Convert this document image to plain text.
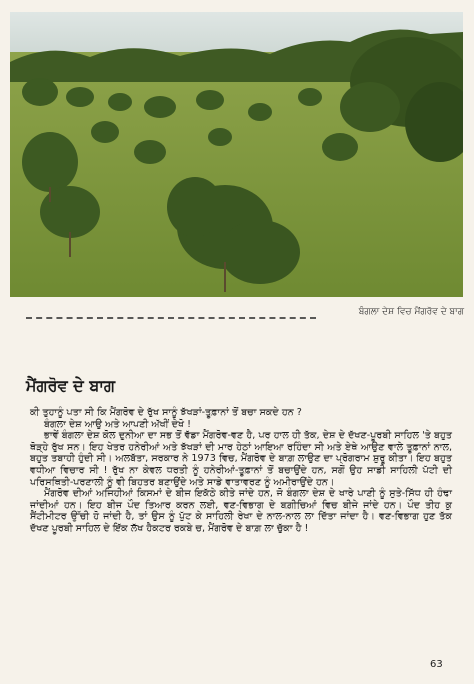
ਬੰਗਲਾ ਦੇਸ਼ ਵਿਚ ਮੈਂਗਰੋਵ ਦੇ ਬਾਗ
ਮੈਂਗਰੋਵ ਦੇ ਬਾਗ

ਕੀ ਤੁਹਾਨੂੰ ਪਤਾ ਸੀ ਕਿ ਮੈਂਗਰੋਵ ਦੇ ਰੁੱਖ ਸਾਨੂੰ ਝੱਖੜਾਂ-ਤੂਫ਼ਾਨਾਂ ਤੋਂ ਬਚਾ ਸਕਦੇ ਹਨ ?

ਬੰਗਲਾ ਦੇਸ਼ ਆਉ ਅਤੇ ਆਪਣੀ ਅੱਖੀਂ ਦੇਖੋ !

ਭਾਵੇਂ ਬੰਗਲਾ ਦੇਸ਼ ਕੋਲ ਦੁਨੀਆ ਦਾ ਸਭ ਤੋਂ ਵੱਡਾ ਮੈਂਗਰੋਵ-ਵਣ ਹੈ, ਪਰ ਹਾਲ ਹੀ ਤੱਕ, ਦੇਸ਼ ਦੇ ਦੱਖਣ-ਪੂਰਬੀ ਸਾਹਿਲ 'ਤੇ ਬਹੁਤ ਥੋੜ੍ਹੇ ਰੁੱਖ ਸਨ। ਇਹ ਖੇਤਰ ਹਨੇਰੀਆਂ ਅਤੇ ਝੱਖੜਾਂ ਦੀ ਮਾਰ ਹੇਠਾਂ ਆਇਆ ਰਹਿੰਦਾ ਸੀ ਅਤੇ ਏਥੇ ਆਉਣ ਵਾਲੇ ਤੂਫ਼ਾਨਾਂ ਨਾਲ, ਬਹੁਤ ਤਬਾਹੀ ਹੁੰਦੀ ਸੀ। ਅਲਬੱਤਾ, ਸਰਕਾਰ ਨੇ 1973 ਵਿਚ, ਮੈਂਗਰੋਵ ਦੇ ਬਾਗ਼ ਲਾਉਣ ਦਾ ਪ੍ਰੋਗਰਾਮ ਸ਼ੁਰੂ ਕੀਤਾ। ਇਹ ਬਹੁਤ ਵਧੀਆ ਵਿਚਾਰ ਸੀ ! ਰੁੱਖ ਨਾ ਕੇਵਲ ਧਰਤੀ ਨੂੰ ਹਨੇਰੀਆਂ-ਤੂਫ਼ਾਨਾਂ ਤੋਂ ਬਚਾਉਂਦੇ ਹਨ, ਸਗੋਂ ਉਹ ਸਾਡੀ ਸਾਹਿਲੀ ਪੱਟੀ ਦੀ ਪਰਿਸਥਿਤੀ-ਪਰਣਾਲੀ ਨੂੰ ਵੀ ਬਿਹਤਰ ਬਣਾਉਂਦੇ ਅਤੇ ਸਾਡੇ ਵਾਤਾਵਰਣ ਨੂੰ ਅਮੀਰਾਉਂਦੇ ਹਨ।

ਮੈਂਗਰੋਵ ਦੀਆਂ ਅਜਿਹੀਆਂ ਕਿਸਮਾਂ ਦੇ ਬੀਜ ਇਕੱਠੇ ਕੀਤੇ ਜਾਂਦੇ ਹਨ, ਜੋ ਬੰਗਲਾ ਦੇਸ਼ ਦੇ ਖਾਰੇ ਪਾਣੀ ਨੂੰ ਸੁਤੇ-ਸਿੱਧ ਹੀ ਹੰਢਾ ਜਾਂਦੀਆਂ ਹਨ। ਇਹ ਬੀਜ ਪੌਦ ਤਿਆਰ ਕਰਨ ਲਈ, ਵਣ-ਵਿਭਾਗ ਦੇ ਬਗ਼ੀਚਿਆਂ ਵਿਚ ਬੀਜੇ ਜਾਂਦੇ ਹਨ। ਪੌਦ ਤੀਹ ਕੁ ਸੈਂਟੀਮੀਟਰ ਉੱਚੀ ਹੋ ਜਾਂਦੀ ਹੈ, ਤਾਂ ਉਸ ਨੂੰ ਪੁੱਟ ਕੇ ਸਾਹਿਲੀ ਰੇਖਾ ਦੇ ਨਾਲ-ਨਾਲ ਲਾ ਦਿੱਤਾ ਜਾਂਦਾ ਹੈ। ਵਣ-ਵਿਭਾਗ ਹੁਣ ਤੱਕ ਦੱਖਣ ਪੂਰਬੀ ਸਾਹਿਲ ਦੇ ਇੱਕ ਲੱਖ ਹੈਕਟਰ ਰਕਬੇ ਚ, ਮੈਂਗਰੋਵ ਦੇ ਬਾਗ਼ ਲਾ ਚੁੱਕਾ ਹੈ !

63
